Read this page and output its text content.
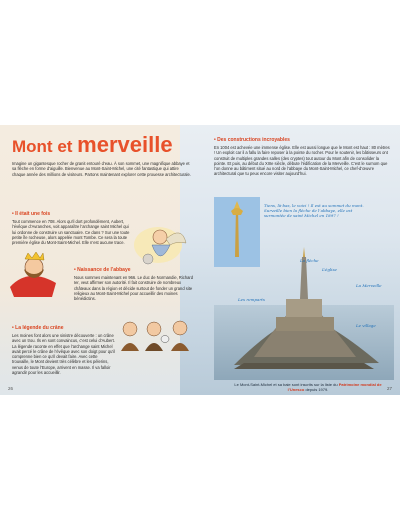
Mont et merveille
Imagine un gigantesque rocher de granit entouré d’eau. À son sommet, une magnifique abbaye et sa flèche en forme d’aiguille. Bienvenue au Mont-Saint-Michel, une cité fantastique qui attire chaque année des millions de visiteurs. Partons maintenant explorer cette prouesse architecturale.
• Il était une fois
Tout commence en 708. Alors qu’il dort profondément, Aubert, l’évêque d’Avranches, voit apparaître l’archange saint Michel qui lui ordonne de construire un sanctuaire. Ce dans ? Sur une toute petite île rocheuse, alors appelée mont Tombe. Ce sera la toute première église du Mont-Saint-Michel. Elle n’est aucune trace.
• Naissance de l’abbaye
Nous sommes maintenant en 966. Le duc de Normandie, Richard Ier, veut affirmer son autorité. Il fait construire de nombreux châteaux dans la région et décide surtout de fonder un grand site religieux au Mont-Saint-Michel pour accueillir des moines bénédictins.
• La légende du crâne
Les moines font alors une sinistre découverte : un crâne avec un trou. Ils en sont convaincus, c’est celui d’Aubert. La légende raconte en effet que l’archange saint Michel avait percé le crâne de l’évêque avec son doigt pour qu’il comprenne bien ce qu’il devait faire. Avec cette trouvaille, le Mont devient très célèbre et les pèlerins, venus de toute l’Europe, arrivent en masse. Il va falloir agrandir pour les accueillir.
26
• Des constructions incroyables
En 1004 est achevée une immense église. Elle est aussi longue que le Mont est haut : 80 mètres ! Un exploit car il a fallu la faire reposer à la pointe du rocher. Pour le soutenir, les bâtisseurs ont construit de multiples grandes salles (des cryptes) tout autour du Mont afin de consolider la pointe. Et puis, au début du XIIIe siècle, débute l’édification de la Merveille. C’est le surnom que l’on donne au bâtiment situé au nord de l’abbaye du Mont-Saint-Michel, ce chef-d’œuvre architectural que tu peux encore visiter aujourd’hui.
Tiens, là-bas, le voici ! Il est au sommet du mont. Surveille bien la flèche de l’abbaye, elle est surmontée de saint Michel en 1897 !
La flèche
L’église
Les remparts
La Merveille
Le village
Le Mont-Saint-Michel et sa baie sont inscrits sur la liste du Patrimoine mondial de l’Unesco depuis 1979.	27
